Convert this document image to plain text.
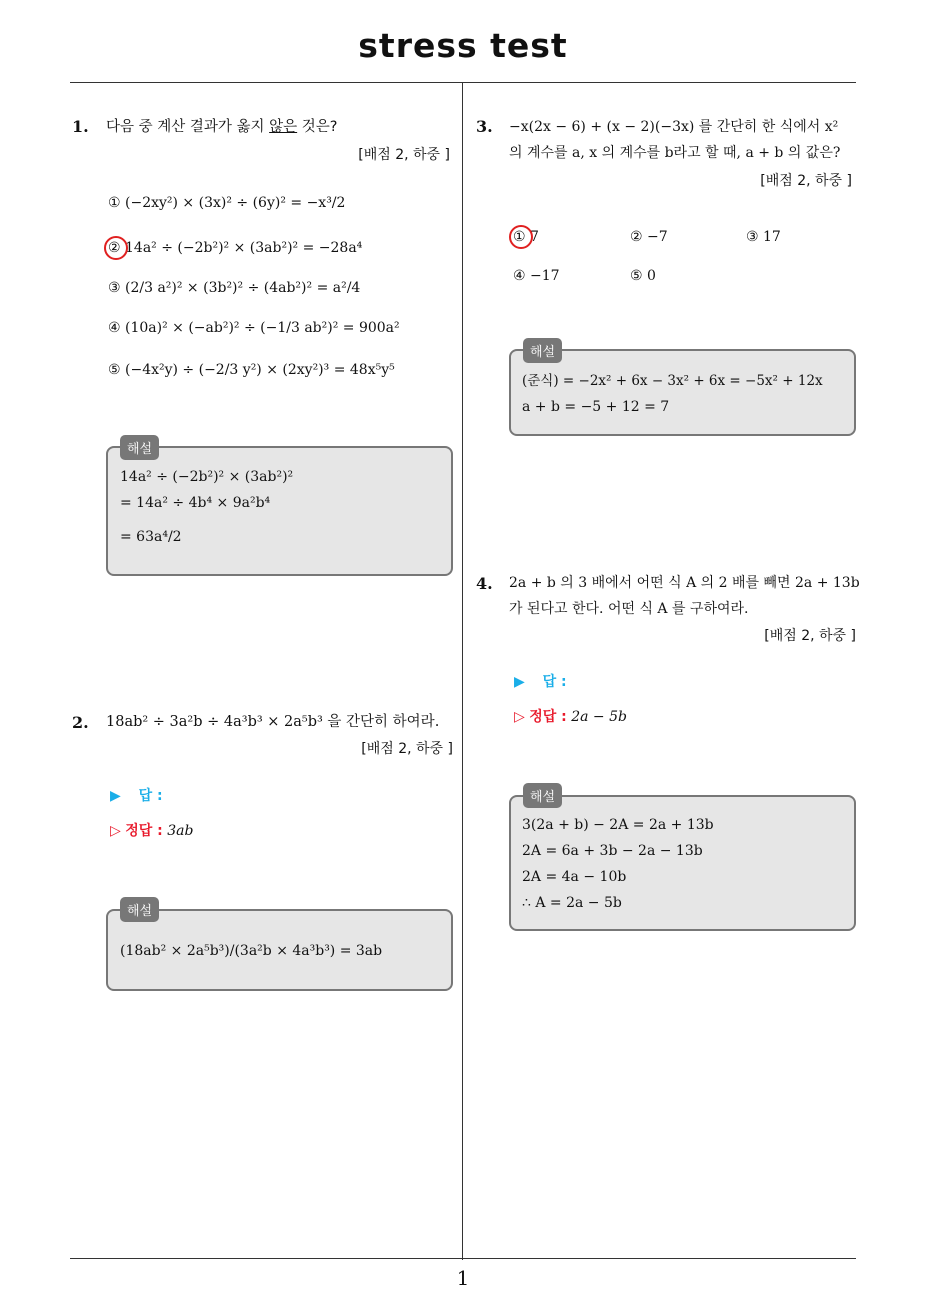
stress test
1
1. 다음 중 계산 결과가 옳지 않은 것은?
[배점 2, 하중 ]
① (−2xy²) × (3x)² ÷ (6y)² = −x³/2
② 14a² ÷ (−2b²)² × (3ab²)² = −28a⁴
③ (2/3 a²)² × (3b²)² ÷ (4ab²)² = a²/4
④ (10a)² × (−ab²)² ÷ (−1/3 ab²)² = 900a²
⑤ (−4x²y) ÷ (−2/3 y²) × (2xy²)³ = 48x⁵y⁵
해설
14a² ÷ (−2b²)² × (3ab²)²
= 14a² ÷ 4b⁴ × 9a²b⁴
= 63a⁴/2
2. 18ab² ÷ 3a²b ÷ 4a³b³ × 2a⁵b³ 을 간단히 하여라.
[배점 2, 하중 ]
▶ 답 :
▷ 정답 : 3ab
해설
(18ab² × 2a⁵b³)/(3a²b × 4a³b³) = 3ab
3. −x(2x − 6) + (x − 2)(−3x) 를 간단히 한 식에서 x²
의 계수를 a, x 의 계수를 b라고 할 때, a + b 의 값은?
[배점 2, 하중 ]
① 7	② −7	③ 17
④ −17	⑤ 0
해설
(준식) = −2x² + 6x − 3x² + 6x = −5x² + 12x
a + b = −5 + 12 = 7
4. 2a + b 의 3 배에서 어떤 식 A 의 2 배를 빼면 2a + 13b
가 된다고 한다. 어떤 식 A 를 구하여라.
[배점 2, 하중 ]
▶ 답 :
▷ 정답 : 2a − 5b
해설
3(2a + b) − 2A = 2a + 13b
2A = 6a + 3b − 2a − 13b
2A = 4a − 10b
∴ A = 2a − 5b
